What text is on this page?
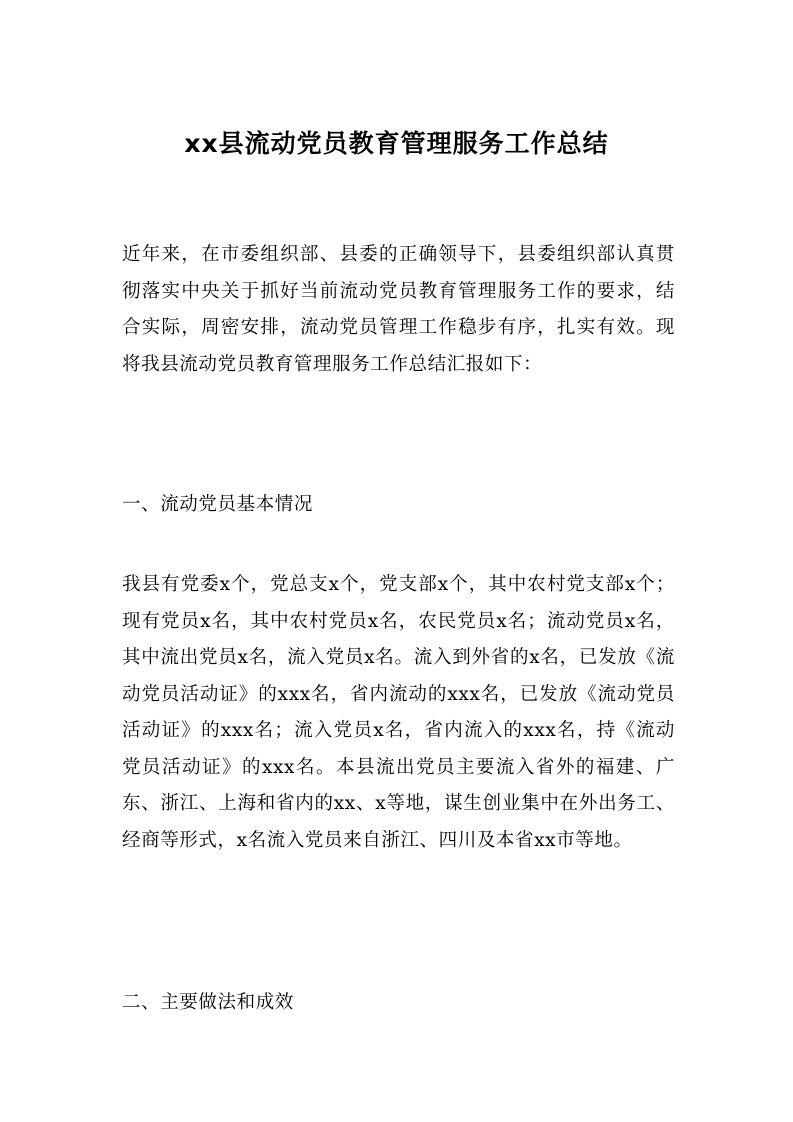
xx县流动党员教育管理服务工作总结

近年来，在市委组织部、县委的正确领导下，县委组织部认真贯彻落实中央关于抓好当前流动党员教育管理服务工作的要求，结合实际，周密安排，流动党员管理工作稳步有序，扎实有效。现将我县流动党员教育管理服务工作总结汇报如下：

一、流动党员基本情况

我县有党委x个，党总支x个，党支部x个，其中农村党支部x个；现有党员x名，其中农村党员x名，农民党员x名；流动党员x名，其中流出党员x名，流入党员x名。流入到外省的x名，已发放《流动党员活动证》的xxx名，省内流动的xxx名，已发放《流动党员活动证》的xxx名；流入党员x名，省内流入的xxx名，持《流动党员活动证》的xxx名。本县流出党员主要流入省外的福建、广东、浙江、上海和省内的xx、x等地，谋生创业集中在外出务工、经商等形式，x名流入党员来自浙江、四川及本省xx市等地。

二、主要做法和成效
